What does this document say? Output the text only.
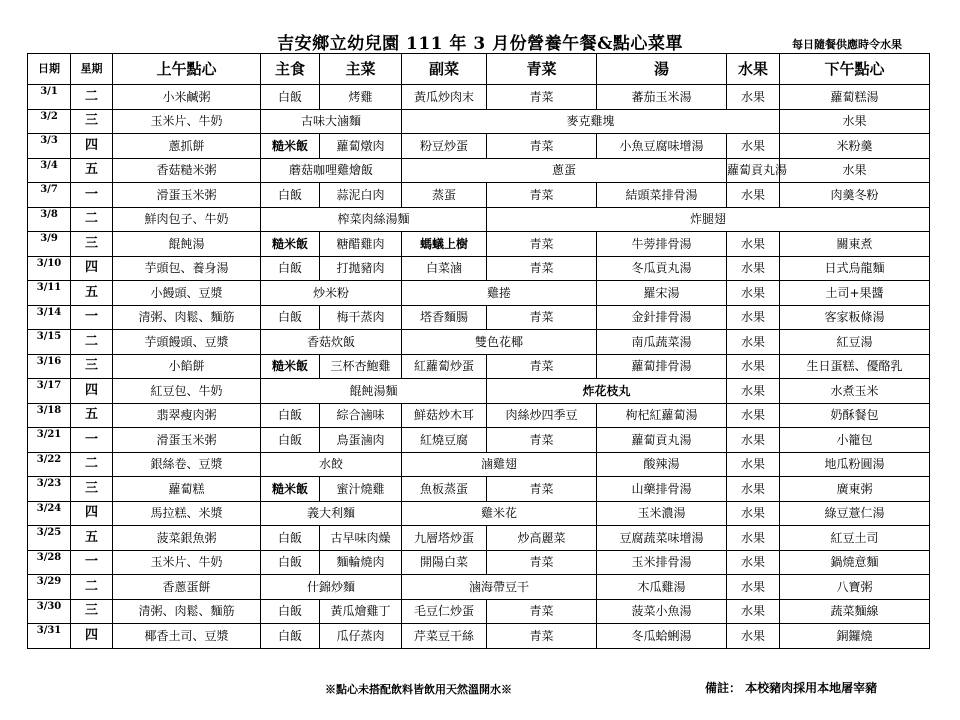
吉安鄉立幼兒園 111 年 3 月份營養午餐&點心菜單	每日隨餐供應時令水果
日期	星期	上午點心	主食	主菜	副菜	青菜	湯	水果	下午點心	
3/1	二	小米鹹粥	白飯	烤雞	黃瓜炒肉末	青菜	蕃茄玉米湯	水果	蘿蔔糕湯	
3/2	三	玉米片、牛奶	古味大滷麵		麥克雞塊				水果	
3/3	四	蔥抓餅	糙米飯	蘿蔔燉肉	粉豆炒蛋	青菜	小魚豆腐味增湯	水果	米粉羹	
3/4	五	香菇糙米粥	蘑菇咖哩雞燴飯		蔥蛋			蘿蔔貢丸湯	水果	
3/7	一	滑蛋玉米粥	白飯	蒜泥白肉	蒸蛋	青菜	結頭菜排骨湯	水果	肉羹冬粉	
3/8	二	鮮肉包子、牛奶	榨菜肉絲湯麵			炸腿翅	
3/9	三	餛飩湯	糙米飯	糖醋雞肉	螞蟻上樹	青菜	牛蒡排骨湯	水果	關東煮	
3/10	四	芋頭包、養身湯	白飯	打拋豬肉	白菜滷	青菜	冬瓜貢丸湯	水果	日式烏龍麵	
3/11	五	小饅頭、豆漿	炒米粉		雞捲		羅宋湯	水果	土司+果醬	
3/14	一	清粥、肉鬆、麵筋	白飯	梅干蒸肉	塔香麵腸	青菜	金針排骨湯	水果	客家粄條湯	
3/15	二	芋頭饅頭、豆漿	香菇炊飯		雙色花椰		南瓜蔬菜湯	水果	紅豆湯	
3/16	三	小餡餅	糙米飯	三杯杏鮑雞	紅蘿蔔炒蛋	青菜	蘿蔔排骨湯	水果	生日蛋糕、優酪乳	
3/17	四	紅豆包、牛奶	餛飩湯麵			炸花枝丸		水果	水煮玉米	
3/18	五	翡翠瘦肉粥	白飯	綜合滷味	鮮菇炒木耳	肉絲炒四季豆	枸杞紅蘿蔔湯	水果	奶酥餐包	
3/21	一	滑蛋玉米粥	白飯	鳥蛋滷肉	紅燒豆腐	青菜	蘿蔔貢丸湯	水果	小籠包	
3/22	二	銀絲卷、豆漿	水餃		滷雞翅		酸辣湯	水果	地瓜粉圓湯	
3/23	三	蘿蔔糕	糙米飯	蜜汁燒雞	魚板蒸蛋	青菜	山藥排骨湯	水果	廣東粥	
3/24	四	馬拉糕、米漿	義大利麵		雞米花		玉米濃湯	水果	綠豆薏仁湯	
3/25	五	菠菜銀魚粥	白飯	古早味肉燥	九層塔炒蛋	炒高麗菜	豆腐蔬菜味增湯	水果	紅豆土司	
3/28	一	玉米片、牛奶	白飯	麵輪燒肉	開陽白菜	青菜	玉米排骨湯	水果	鍋燒意麵	
3/29	二	香蔥蛋餅	什錦炒麵		滷海帶豆干		木瓜雞湯	水果	八寶粥	
3/30	三	清粥、肉鬆、麵筋	白飯	黃瓜燴雞丁	毛豆仁炒蛋	青菜	菠菜小魚湯	水果	蔬菜麵線	
3/31	四	椰香土司、豆漿	白飯	瓜仔蒸肉	芹菜豆干絲	青菜	冬瓜蛤蜊湯	水果	銅鑼燒	
※點心未搭配飲料皆飲用天然溫開水※	備註： 本校豬肉採用本地屠宰豬
